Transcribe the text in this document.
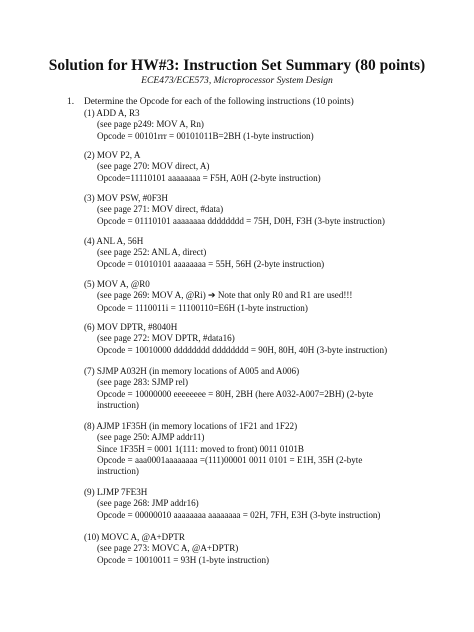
Solution for HW#3: Instruction Set Summary (80 points)
ECE473/ECE573, Microprocessor System Design
1. Determine the Opcode for each of the following instructions (10 points)
(1) ADD A, R3
(see page p249: MOV A, Rn)
Opcode = 00101rrr = 00101011B=2BH (1-byte instruction)
(2) MOV P2, A
(see page 270: MOV direct, A)
Opcode=11110101 aaaaaaaa = F5H, A0H (2-byte instruction)
(3) MOV PSW, #0F3H
(see page 271: MOV direct, #data)
Opcode = 01110101 aaaaaaaa dddddddd = 75H, D0H, F3H (3-byte instruction)
(4) ANL A, 56H
(see page 252: ANL A, direct)
Opcode = 01010101 aaaaaaaa = 55H, 56H (2-byte instruction)
(5) MOV A, @R0
(see page 269: MOV A, @Ri) ➔ Note that only R0 and R1 are used!!!
Opcode = 1110011i = 11100110=E6H (1-byte instruction)
(6) MOV DPTR, #8040H
(see page 272: MOV DPTR, #data16)
Opcode = 10010000 dddddddd dddddddd = 90H, 80H, 40H (3-byte instruction)
(7) SJMP A032H (in memory locations of A005 and A006)
(see page 283: SJMP rel)
Opcode = 10000000 eeeeeeee = 80H, 2BH (here A032-A007=2BH) (2-byte instruction)
(8) AJMP 1F35H (in memory locations of 1F21 and 1F22)
(see page 250: AJMP addr11)
Since 1F35H = 0001 1(111: moved to front) 0011 0101B
Opcode = aaa0001aaaaaaaa =(111)00001 0011 0101 = E1H, 35H (2-byte instruction)
(9) LJMP 7FE3H
(see page 268: JMP addr16)
Opcode = 00000010 aaaaaaaa aaaaaaaa = 02H, 7FH, E3H (3-byte instruction)
(10) MOVC A, @A+DPTR
(see page 273: MOVC A, @A+DPTR)
Opcode = 10010011 = 93H (1-byte instruction)
